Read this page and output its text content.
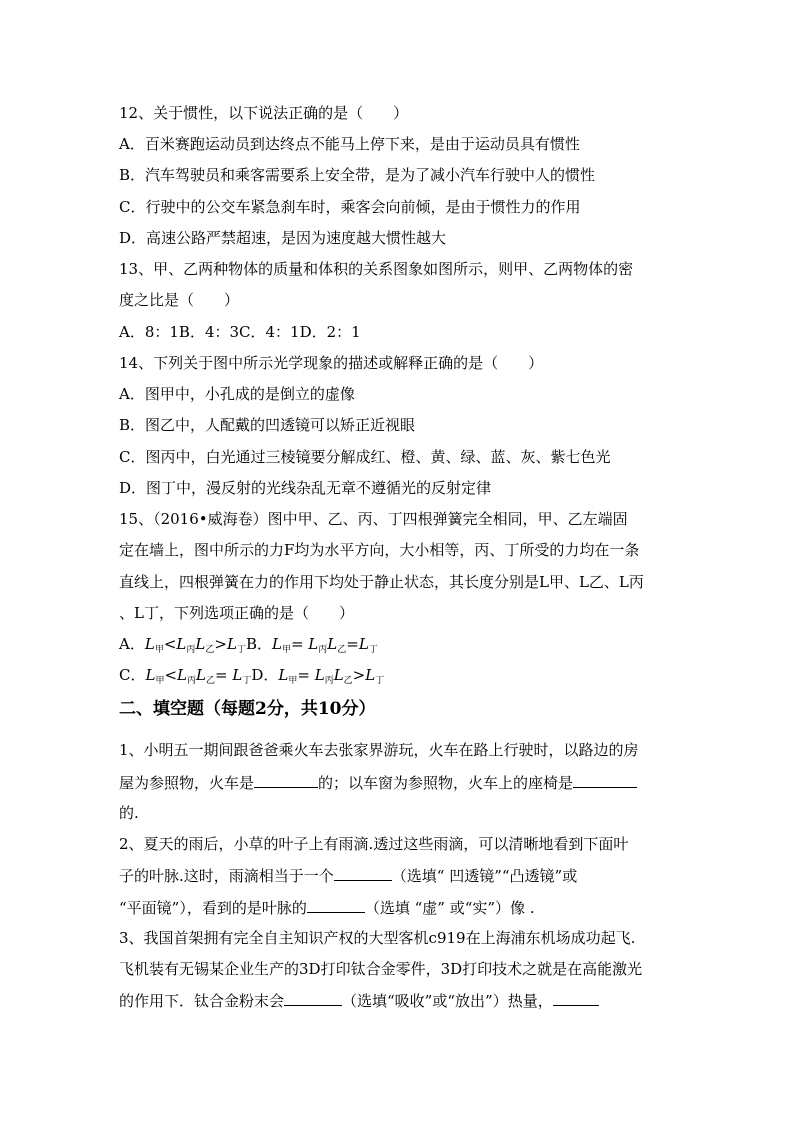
12、关于惯性，以下说法正确的是（　　）
A．百米赛跑运动员到达终点不能马上停下来，是由于运动员具有惯性
B．汽车驾驶员和乘客需要系上安全带，是为了减小汽车行驶中人的惯性
C．行驶中的公交车紧急刹车时，乘客会向前倾，是由于惯性力的作用
D．高速公路严禁超速，是因为速度越大惯性越大
13、甲、乙两种物体的质量和体积的关系图象如图所示，则甲、乙两物体的密
度之比是（　　）
A．8：1B．4：3C．4：1D．2：1
14、下列关于图中所示光学现象的描述或解释正确的是（　　）
A．图甲中，小孔成的是倒立的虚像
B．图乙中，人配戴的凹透镜可以矫正近视眼
C．图丙中，白光通过三棱镜要分解成红、橙、黄、绿、蓝、灰、紫七色光
D．图丁中，漫反射的光线杂乱无章不遵循光的反射定律
15、（2016•威海卷）图中甲、乙、丙、丁四根弹簧完全相同，甲、乙左端固
定在墙上，图中所示的力F均为水平方向，大小相等，丙、丁所受的力均在一条
直线上，四根弹簧在力的作用下均处于静止状态，其长度分别是L甲、L乙、L丙
、L丁，下列选项正确的是（　　）
A．$L_甲<L_丙L_乙>L_丁B$．$L_甲= L_丙L_乙=L_丁$
C．$L_甲<L_丙L_乙= L_丁D$．$L_甲= L_丙L_乙>L_丁$
二、填空题（每题2分，共10分）
1、小明五一期间跟爸爸乘火车去张家界游玩，火车在路上行驶时，以路边的房
屋为参照物，火车是	的；以车窗为参照物，火车上的座椅是
的.
2、夏天的雨后，小草的叶子上有雨滴.透过这些雨滴，可以清晰地看到下面叶
子的叶脉.这时，雨滴相当于一个	（选填“ 凹透镜”“凸透镜”或
“平面镜”），看到的是叶脉的	（选填 “虚” 或“实”）像 .
3、我国首架拥有完全自主知识产权的大型客机c919在上海浦东机场成功起飞.
飞机装有无锡某企业生产的3D打印钛合金零件，3D打印技术之就是在高能激光
的作用下．钛合金粉末会	（选填“吸收”或“放出”）热量，
